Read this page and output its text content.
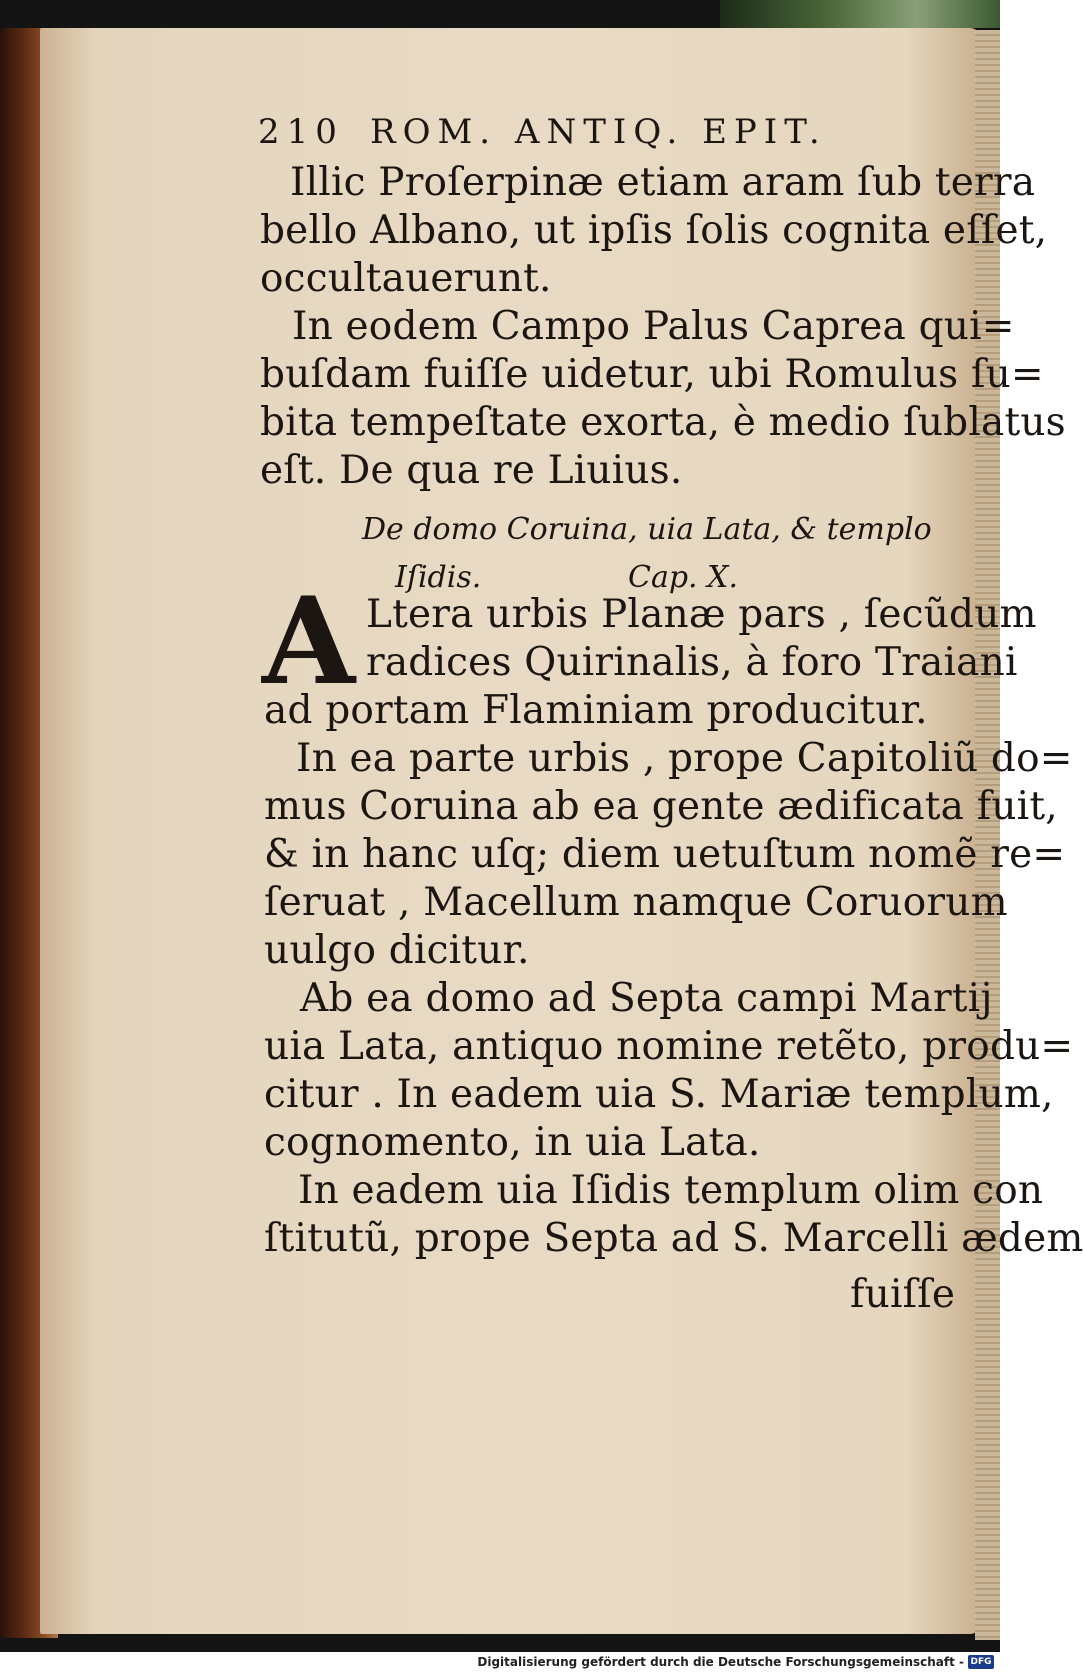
210 ROM. ANTIQ. EPIT.
Illic Proſerpinæ etiam aram ſub terra
bello Albano, ut ipſis ſolis cognita eſſet,
occultauerunt.
In eodem Campo Palus Caprea qui=
buſdam fuiſſe uidetur, ubi Romulus ſu=
bita tempeſtate exorta, è medio ſublatus
eſt. De qua re Liuius.
De domo Coruina, uia Lata, & templo
Iſidis.	Cap. X.
A Ltera urbis Planæ pars , ſecũdum
radices Quirinalis, à foro Traiani
ad portam Flaminiam producitur.
In ea parte urbis , prope Capitoliũ do=
mus Coruina ab ea gente ædificata fuit,
& in hanc uſq; diem uetuſtum nomẽ re=
ſeruat , Macellum namque Coruorum
uulgo dicitur.
Ab ea domo ad Septa campi Martij
uia Lata, antiquo nomine retẽto, produ=
citur . In eadem uia S. Mariæ templum,
cognomento, in uia Lata.
In eadem uia Iſidis templum olim con
ſtitutũ, prope Septa ad S. Marcelli ædem
fuiſſe
Digitalisierung gefördert durch die Deutsche Forschungsgemeinschaft - DFG
